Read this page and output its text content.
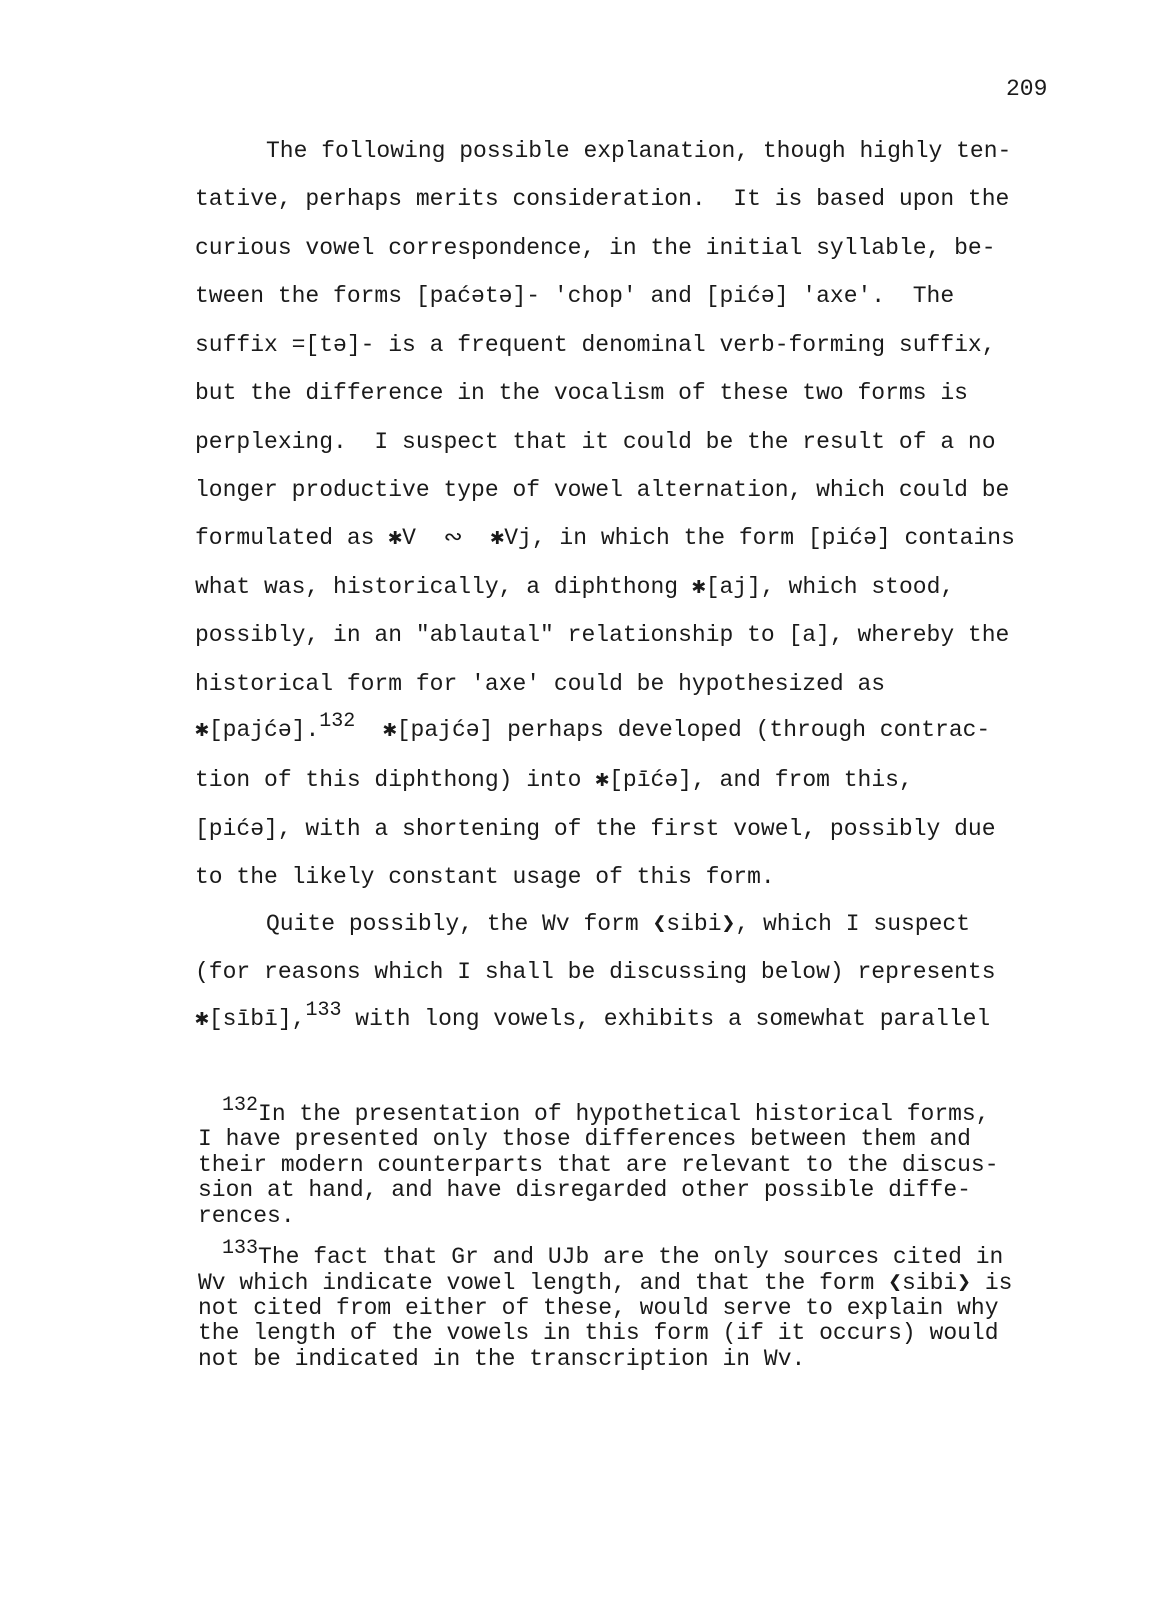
209
The following possible explanation, though highly ten-
tative, perhaps merits consideration.  It is based upon the
curious vowel correspondence, in the initial syllable, be-
tween the forms [paćətə]- 'chop' and [pićə] 'axe'.  The
suffix =[tə]- is a frequent denominal verb-forming suffix,
but the difference in the vocalism of these two forms is
perplexing.  I suspect that it could be the result of a no
longer productive type of vowel alternation, which could be
formulated as ✱V  ∾  ✱Vj, in which the form [pićə] contains
what was, historically, a diphthong ✱[aj], which stood,
possibly, in an "ablautal" relationship to [a], whereby the
historical form for 'axe' could be hypothesized as
✱[pajćə].132  ✱[pajćə] perhaps developed (through contrac-
tion of this diphthong) into ✱[pīćə], and from this,
[pićə], with a shortening of the first vowel, possibly due
to the likely constant usage of this form.
Quite possibly, the Wv form ❮sibi❯, which I suspect
(for reasons which I shall be discussing below) represents
✱[sībī],133 with long vowels, exhibits a somewhat parallel
132In the presentation of hypothetical historical forms,
I have presented only those differences between them and
their modern counterparts that are relevant to the discus-
sion at hand, and have disregarded other possible diffe-
rences.
133The fact that Gr and UJb are the only sources cited in
Wv which indicate vowel length, and that the form ❮sibi❯ is
not cited from either of these, would serve to explain why
the length of the vowels in this form (if it occurs) would
not be indicated in the transcription in Wv.
